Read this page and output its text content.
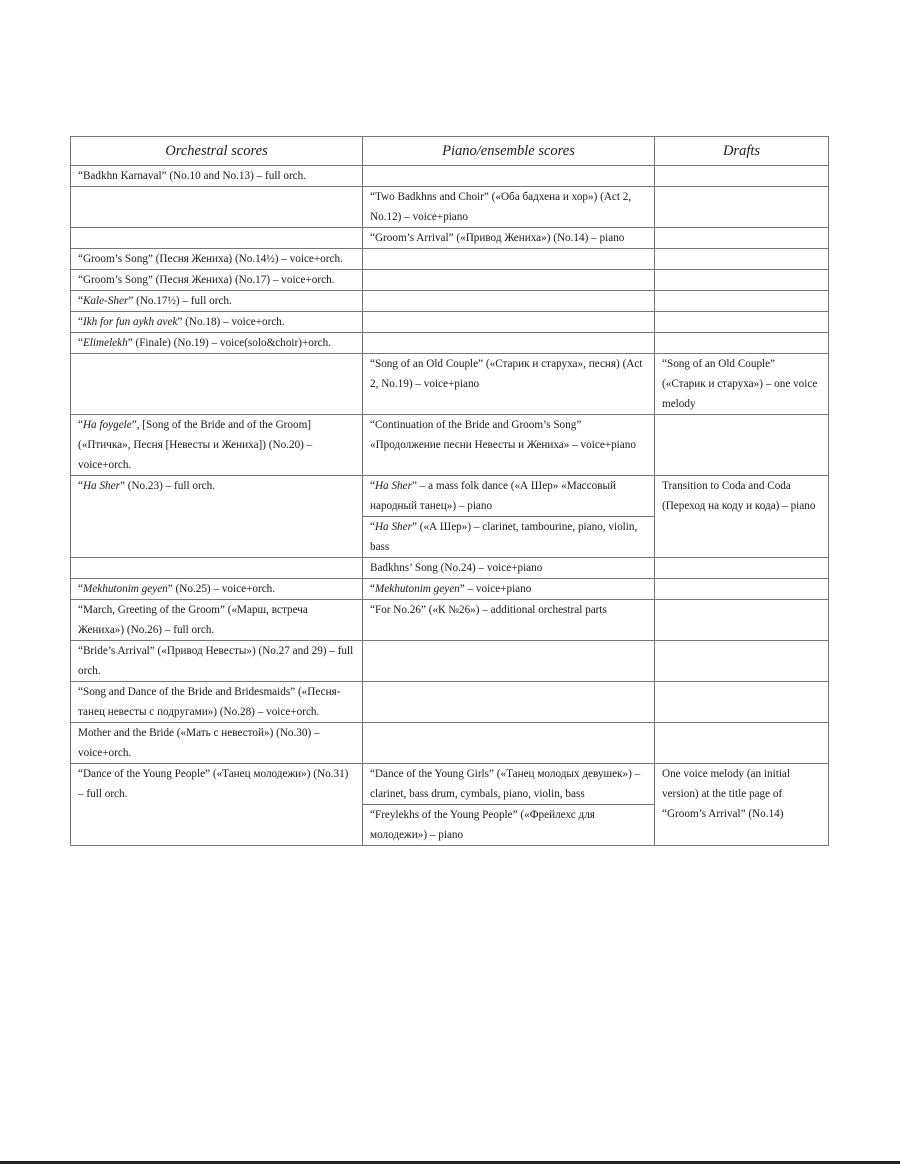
Orchestral scores	Piano/ensemble scores	Drafts
“Badkhn Karnaval” (No.10 and No.13) – full orch.		
	“Two Badkhns and Choir” («Оба бадхена и хор») (Act 2, No.12) – voice+piano	
	“Groom’s Arrival” («Привод Жениха») (No.14) – piano	
“Groom’s Song” (Песня Жениха) (No.14½) – voice+orch.		
“Groom’s Song” (Песня Жениха) (No.17) – voice+orch.		
“Kale-Sher” (No.17½) – full orch.		
“Ikh for fun aykh avek” (No.18) – voice+orch.		
“Elimelekh” (Finale) (No.19) – voice(solo&choir)+orch.		
	“Song of an Old Couple” («Старик и старуха», песня) (Act 2, No.19) – voice+piano	“Song of an Old Couple” («Старик и старуха») – one voice melody
“Ha foygele”, [Song of the Bride and of the Groom] («Птичка», Песня [Невесты и Жениха]) (No.20) – voice+orch.	“Continuation of the Bride and Groom’s Song” «Продолжение песни Невесты и Жениха» – voice+piano	
“Ha Sher” (No.23) – full orch.	“Ha Sher” – a mass folk dance («А Шер» «Массовый народный танец») – piano	Transition to Coda and Coda (Переход на коду и кода) – piano
	“Ha Sher” («А Шер») – clarinet, tambourine, piano, violin, bass	
	Badkhns’ Song (No.24) – voice+piano	
“Mekhutonim geyen” (No.25) – voice+orch.	“Mekhutonim geyen” – voice+piano	
“March, Greeting of the Groom” («Марш, встреча Жениха») (No.26) – full orch.	“For No.26” («К №26») – additional orchestral parts	
“Bride’s Arrival” («Привод Невесты») (No.27 and 29) – full orch.		
“Song and Dance of the Bride and Bridesmaids” («Песня-танец невесты с подругами») (No.28) – voice+orch.		
Mother and the Bride («Мать с невестой») (No.30) – voice+orch.		
“Dance of the Young People” («Танец молодежи») (No.31) – full orch.	“Dance of the Young Girls” («Танец молодых девушек») – clarinet, bass drum, cymbals, piano, violin, bass	One voice melody (an initial version) at the title page of “Groom’s Arrival” (No.14)
	“Freylekhs of the Young People” («Фрейлехс для молодежи») – piano	
